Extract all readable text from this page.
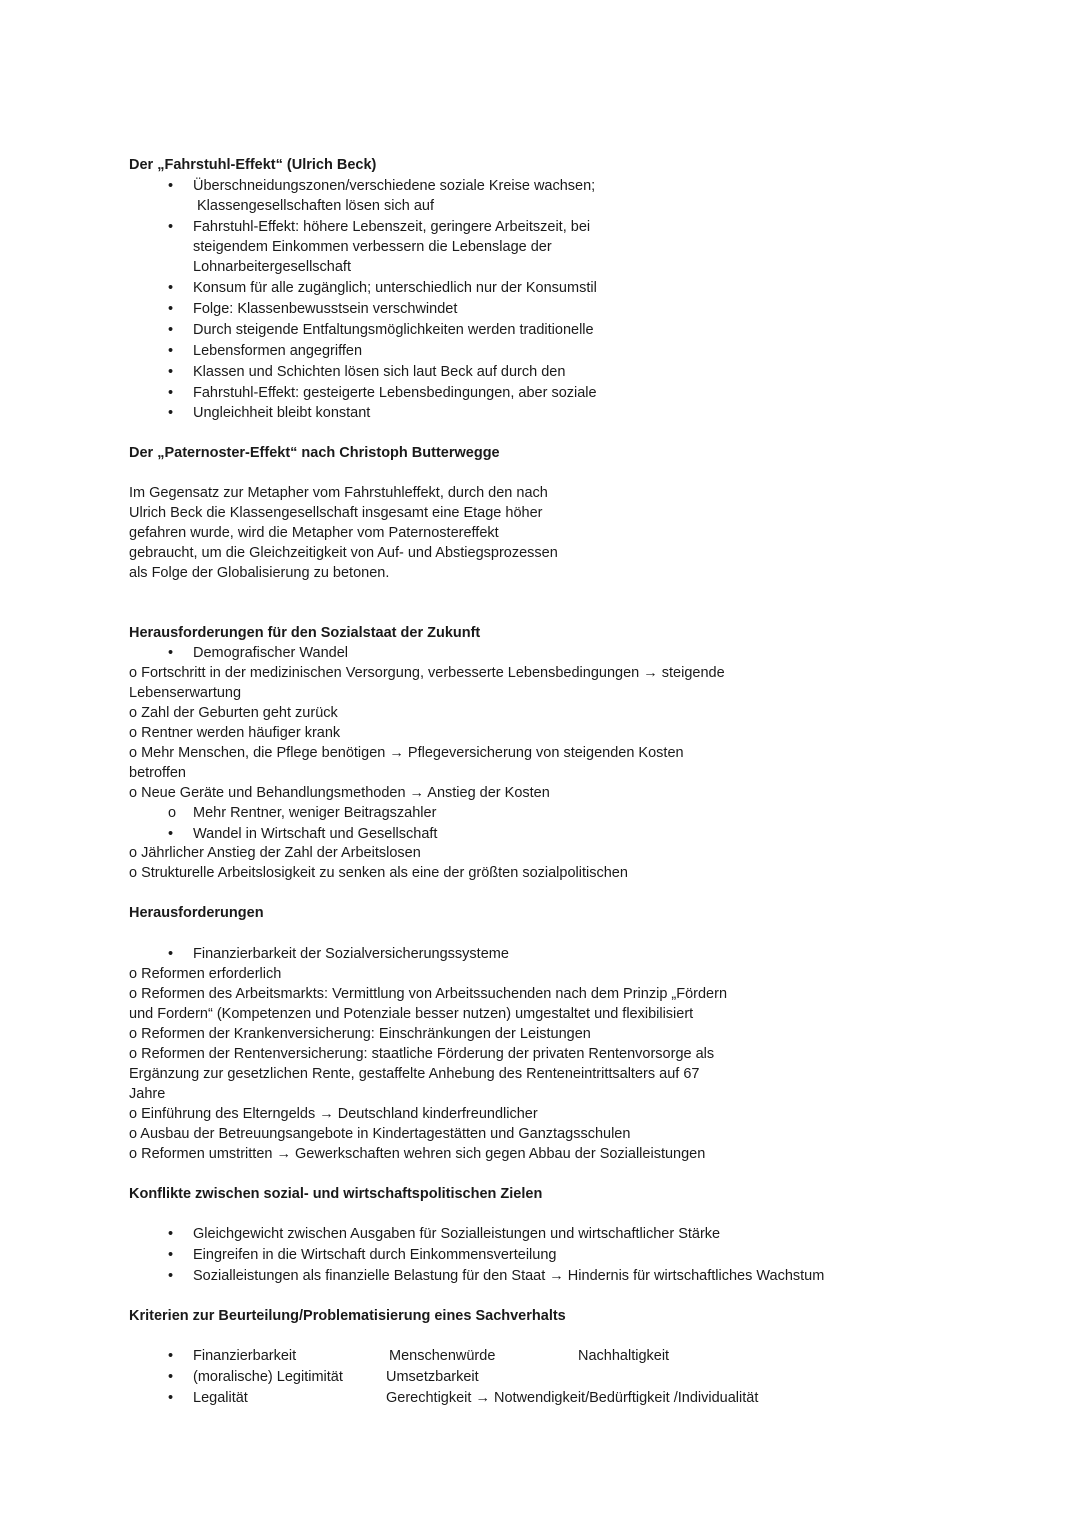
Der „Fahrstuhl-Effekt“ (Ulrich Beck)
• Überschneidungszonen/verschiedene soziale Kreise wachsen;
Klassengesellschaften lösen sich auf
• Fahrstuhl-Effekt: höhere Lebenszeit, geringere Arbeitszeit, bei
steigendem Einkommen verbessern die Lebenslage der
Lohnarbeitergesellschaft
• Konsum für alle zugänglich; unterschiedlich nur der Konsumstil
• Folge: Klassenbewusstsein verschwindet
• Durch steigende Entfaltungsmöglichkeiten werden traditionelle
• Lebensformen angegriffen
• Klassen und Schichten lösen sich laut Beck auf durch den
• Fahrstuhl-Effekt: gesteigerte Lebensbedingungen, aber soziale
• Ungleichheit bleibt konstant
Der „Paternoster-Effekt“ nach Christoph Butterwegge
Im Gegensatz zur Metapher vom Fahrstuhleffekt, durch den nach
Ulrich Beck die Klassengesellschaft insgesamt eine Etage höher
gefahren wurde, wird die Metapher vom Paternostereffekt
gebraucht, um die Gleichzeitigkeit von Auf- und Abstiegsprozessen
als Folge der Globalisierung zu betonen.
Herausforderungen für den Sozialstaat der Zukunft
• Demografischer Wandel
o Fortschritt in der medizinischen Versorgung, verbesserte Lebensbedingungen → steigende
Lebenserwartung
o Zahl der Geburten geht zurück
o Rentner werden häufiger krank
o Mehr Menschen, die Pflege benötigen → Pflegeversicherung von steigenden Kosten
betroffen
o Neue Geräte und Behandlungsmethoden → Anstieg der Kosten
o Mehr Rentner, weniger Beitragszahler
• Wandel in Wirtschaft und Gesellschaft
o Jährlicher Anstieg der Zahl der Arbeitslosen
o Strukturelle Arbeitslosigkeit zu senken als eine der größten sozialpolitischen
Herausforderungen
• Finanzierbarkeit der Sozialversicherungssysteme
o Reformen erforderlich
o Reformen des Arbeitsmarkts: Vermittlung von Arbeitssuchenden nach dem Prinzip „Fördern
und Fordern“ (Kompetenzen und Potenziale besser nutzen) umgestaltet und flexibilisiert
o Reformen der Krankenversicherung: Einschränkungen der Leistungen
o Reformen der Rentenversicherung: staatliche Förderung der privaten Rentenvorsorge als
Ergänzung zur gesetzlichen Rente, gestaffelte Anhebung des Renteneintrittsalters auf 67
Jahre
o Einführung des Elterngelds → Deutschland kinderfreundlicher
o Ausbau der Betreuungsangebote in Kindertagestätten und Ganztagsschulen
o Reformen umstritten → Gewerkschaften wehren sich gegen Abbau der Sozialleistungen
Konflikte zwischen sozial- und wirtschaftspolitischen Zielen
• Gleichgewicht zwischen Ausgaben für Sozialleistungen und wirtschaftlicher Stärke
• Eingreifen in die Wirtschaft durch Einkommensverteilung
• Sozialleistungen als finanzielle Belastung für den Staat → Hindernis für wirtschaftliches Wachstum
Kriterien zur Beurteilung/Problematisierung eines Sachverhalts
• Finanzierbarkeit	Menschenwürde	Nachhaltigkeit
• (moralische) Legitimität	Umsetzbarkeit
• Legalität	Gerechtigkeit → Notwendigkeit/Bedürftigkeit /Individualität
